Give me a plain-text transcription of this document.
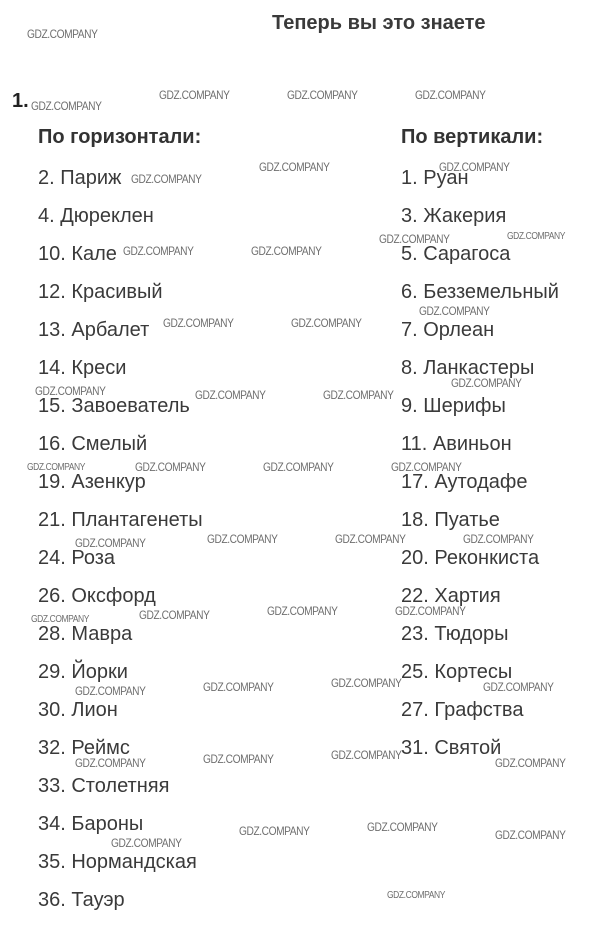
Теперь вы это знаете
1.
По горизонтали:	По вертикали:
2. Париж
4. Дюреклен
10. Кале
12. Красивый
13. Арбалет
14. Креси
15. Завоеватель
16. Смелый
19. Азенкур
21. Плантагенеты
24. Роза
26. Оксфорд
28. Мавра
29. Йорки
30. Лион
32. Реймс
33. Столетняя
34. Бароны
35. Нормандская
36. Тауэр
1. Руан
3. Жакерия
5. Сарагоса
6. Безземельный
7. Орлеан
8. Ланкастеры
9. Шерифы
11. Авиньон
17. Аутодафе
18. Пуатье
20. Реконкиста
22. Хартия
23. Тюдоры
25. Кортесы
27. Графства
31. Святой
GDZ.COMPANY
GDZ.COMPANY
GDZ.COMPANY	GDZ.COMPANY	GDZ.COMPANY
GDZ.COMPANY
GDZ.COMPANY	GDZ.COMPANY
GDZ.COMPANY	GDZ.COMPANY
GDZ.COMPANY	GDZ.COMPANY
GDZ.COMPANY	GDZ.COMPANY
GDZ.COMPANY
GDZ.COMPANY	GDZ.COMPANY	GDZ.COMPANY
GDZ.COMPANY
GDZ.COMPANY	GDZ.COMPANY	GDZ.COMPANY	GDZ.COMPANY
GDZ.COMPANY	GDZ.COMPANY	GDZ.COMPANY	GDZ.COMPANY
GDZ.COMPANY	GDZ.COMPANY	GDZ.COMPANY	GDZ.COMPANY
GDZ.COMPANY	GDZ.COMPANY	GDZ.COMPANY	GDZ.COMPANY
GDZ.COMPANY	GDZ.COMPANY	GDZ.COMPANY
GDZ.COMPANY
GDZ.COMPANY
GDZ.COMPANY	GDZ.COMPANY
GDZ.COMPANY
GDZ.COMPANY
